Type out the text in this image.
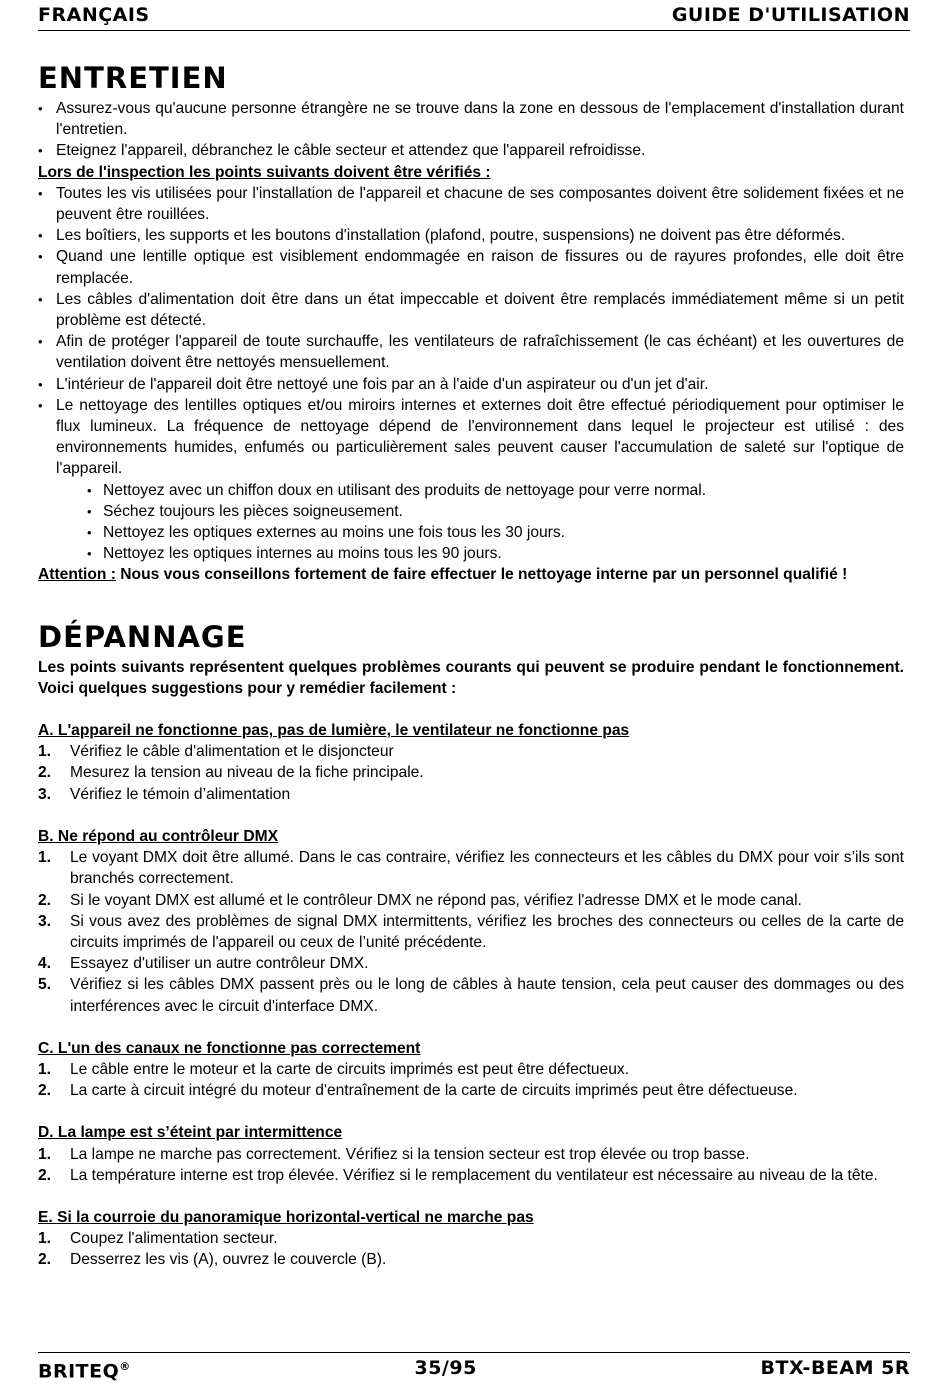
FRANÇAIS	GUIDE D'UTILISATION
ENTRETIEN
• Assurez-vous qu'aucune personne étrangère ne se trouve dans la zone en dessous de l'emplacement d'installation durant l'entretien.
• Eteignez l'appareil, débranchez le câble secteur et attendez que l'appareil refroidisse.

Lors de l'inspection les points suivants doivent être vérifiés :

• Toutes les vis utilisées pour l'installation de l'appareil et chacune de ses composantes doivent être solidement fixées et ne peuvent être rouillées.
• Les boîtiers, les supports et les boutons d'installation (plafond, poutre, suspensions) ne doivent pas être déformés.
• Quand une lentille optique est visiblement endommagée en raison de fissures ou de rayures profondes, elle doit être remplacée.
• Les câbles d'alimentation doit être dans un état impeccable et doivent être remplacés immédiatement même si un petit problème est détecté.
• Afin de protéger l'appareil de toute surchauffe, les ventilateurs de rafraîchissement (le cas échéant) et les ouvertures de ventilation doivent être nettoyés mensuellement.
• L'intérieur de l'appareil doit être nettoyé une fois par an à l'aide d'un aspirateur ou d'un jet d'air.
• Le nettoyage des lentilles optiques et/ou miroirs internes et externes doit être effectué périodiquement pour optimiser le flux lumineux. La fréquence de nettoyage dépend de l'environnement dans lequel le projecteur est utilisé : des environnements humides, enfumés ou particulièrement sales peuvent causer l'accumulation de saleté sur l'optique de l'appareil.
• Nettoyez avec un chiffon doux en utilisant des produits de nettoyage pour verre normal.
• Séchez toujours les pièces soigneusement.
• Nettoyez les optiques externes au moins une fois tous les 30 jours.
• Nettoyez les optiques internes au moins tous les 90 jours.

Attention : Nous vous conseillons fortement de faire effectuer le nettoyage interne par un personnel qualifié !

DÉPANNAGE

Les points suivants représentent quelques problèmes courants qui peuvent se produire pendant le fonctionnement. Voici quelques suggestions pour y remédier facilement :

A. L'appareil ne fonctionne pas, pas de lumière, le ventilateur ne fonctionne pas

1. Vérifiez le câble d'alimentation et le disjoncteur
2. Mesurez la tension au niveau de la fiche principale.
3. Vérifiez le témoin d’alimentation

B. Ne répond au contrôleur DMX

1. Le voyant DMX doit être allumé. Dans le cas contraire, vérifiez les connecteurs et les câbles du DMX pour voir s’ils sont branchés correctement.
2. Si le voyant DMX est allumé et le contrôleur DMX ne répond pas, vérifiez l'adresse DMX et le mode canal.
3. Si vous avez des problèmes de signal DMX intermittents, vérifiez les broches des connecteurs ou celles de la carte de circuits imprimés de l'appareil ou ceux de l’unité précédente.
4. Essayez d'utiliser un autre contrôleur DMX.
5. Vérifiez si les câbles DMX passent près ou le long de câbles à haute tension, cela peut causer des dommages ou des interférences avec le circuit d'interface DMX.

C. L'un des canaux ne fonctionne pas correctement

1. Le câble entre le moteur et la carte de circuits imprimés est peut être défectueux.
2. La carte à circuit intégré du moteur d'entraînement de la carte de circuits imprimés peut être défectueuse.

D. La lampe est s’éteint par intermittence

1. La lampe ne marche pas correctement. Vérifiez si la tension secteur est trop élevée ou trop basse.
2. La température interne est trop élevée. Vérifiez si le remplacement du ventilateur est nécessaire au niveau de la tête.

E. Si la courroie du panoramique horizontal-vertical ne marche pas

1. Coupez l'alimentation secteur.
2. Desserrez les vis (A), ouvrez le couvercle (B).
BRITEQ®	35/95	BTX-BEAM 5R
